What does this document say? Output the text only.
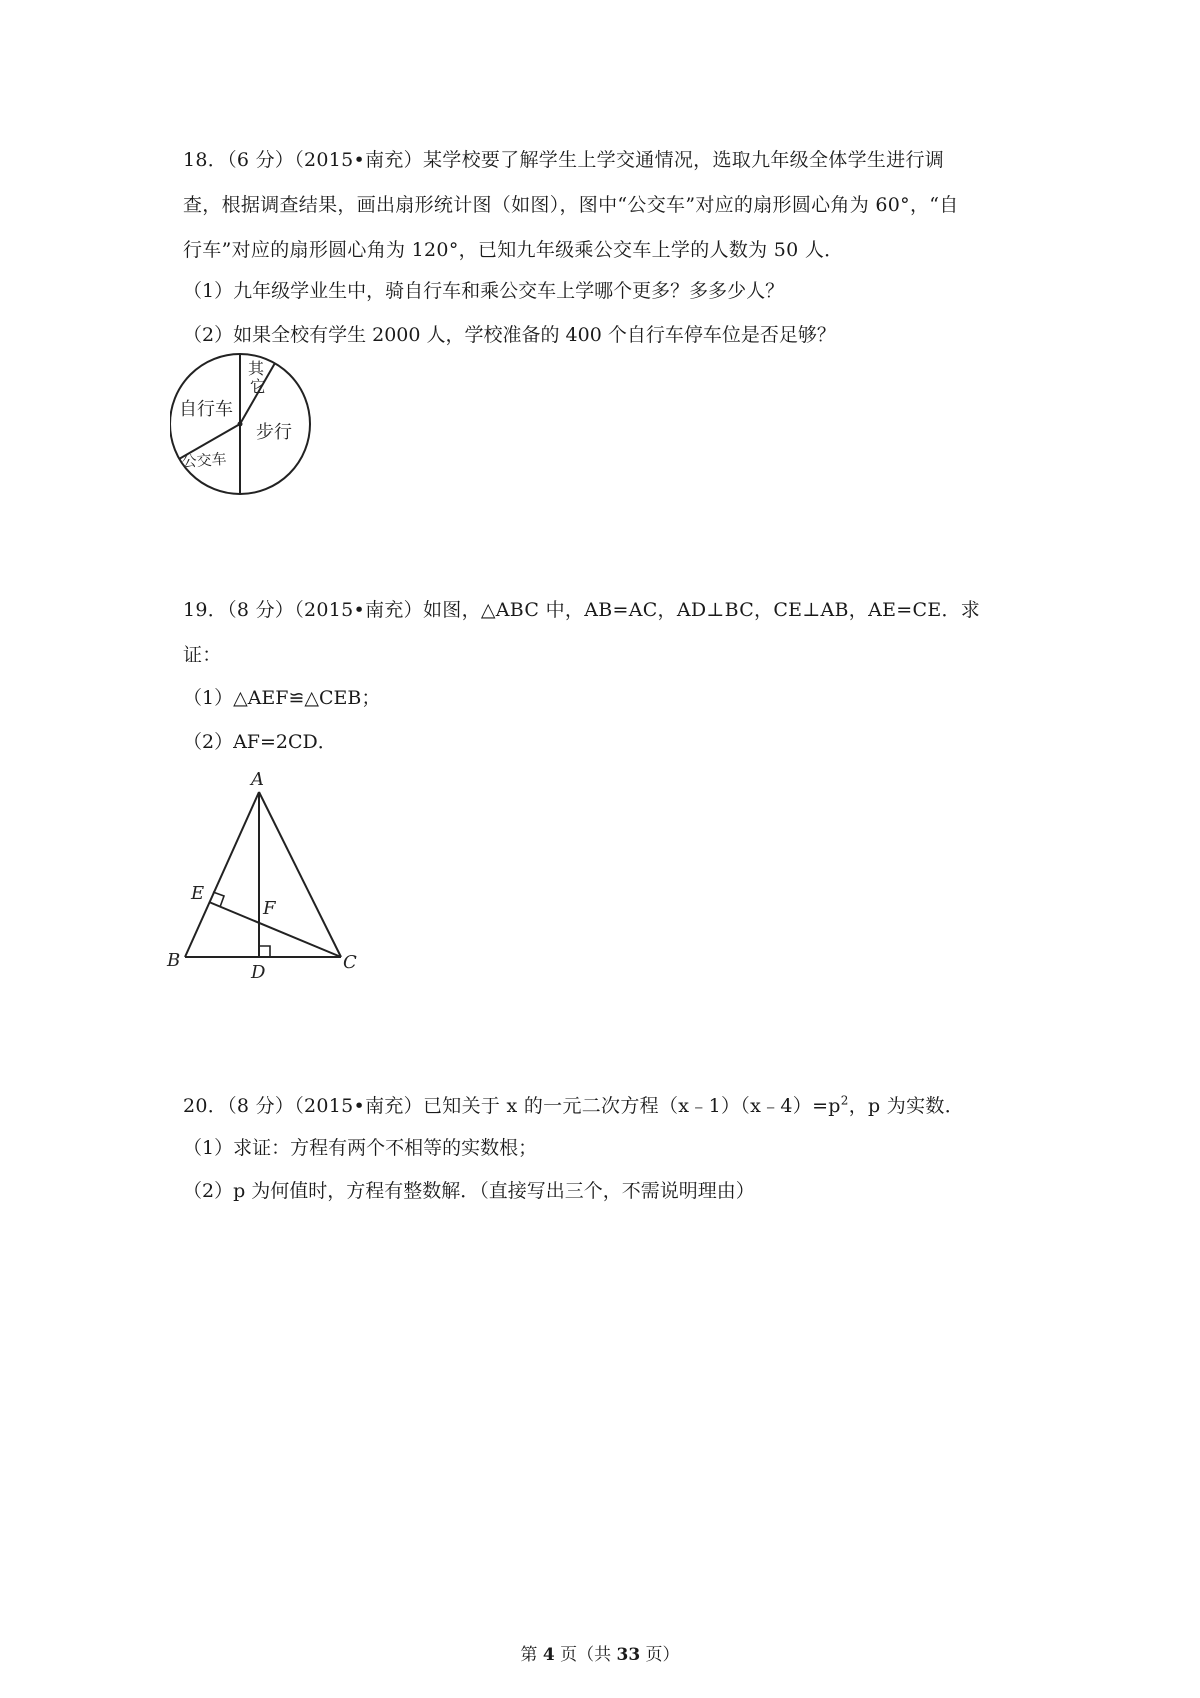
18．（6 分）（2015•南充）某学校要了解学生上学交通情况，选取九年级全体学生进行调
查，根据调查结果，画出扇形统计图（如图），图中“公交车”对应的扇形圆心角为 60°，“自
行车”对应的扇形圆心角为 120°，已知九年级乘公交车上学的人数为 50 人．
（1）九年级学业生中，骑自行车和乘公交车上学哪个更多？多多少人？
（2）如果全校有学生 2000 人，学校准备的 400 个自行车停车位是否足够？
其
它
自行车
步行
公交车
19．（8 分）（2015•南充）如图，△ABC 中，AB=AC，AD⊥BC，CE⊥AB，AE=CE．求
证：
（1）△AEF≌△CEB；
（2）AF=2CD．
A
E
F
B
D	C
20．（8 分）（2015•南充）已知关于 x 的一元二次方程$(x﹣1)(x﹣4)=p^2$，p 为实数．
（1）求证：方程有两个不相等的实数根；
（2）p 为何值时，方程有整数解．（直接写出三个，不需说明理由）
第 4 页（共 33 页）
